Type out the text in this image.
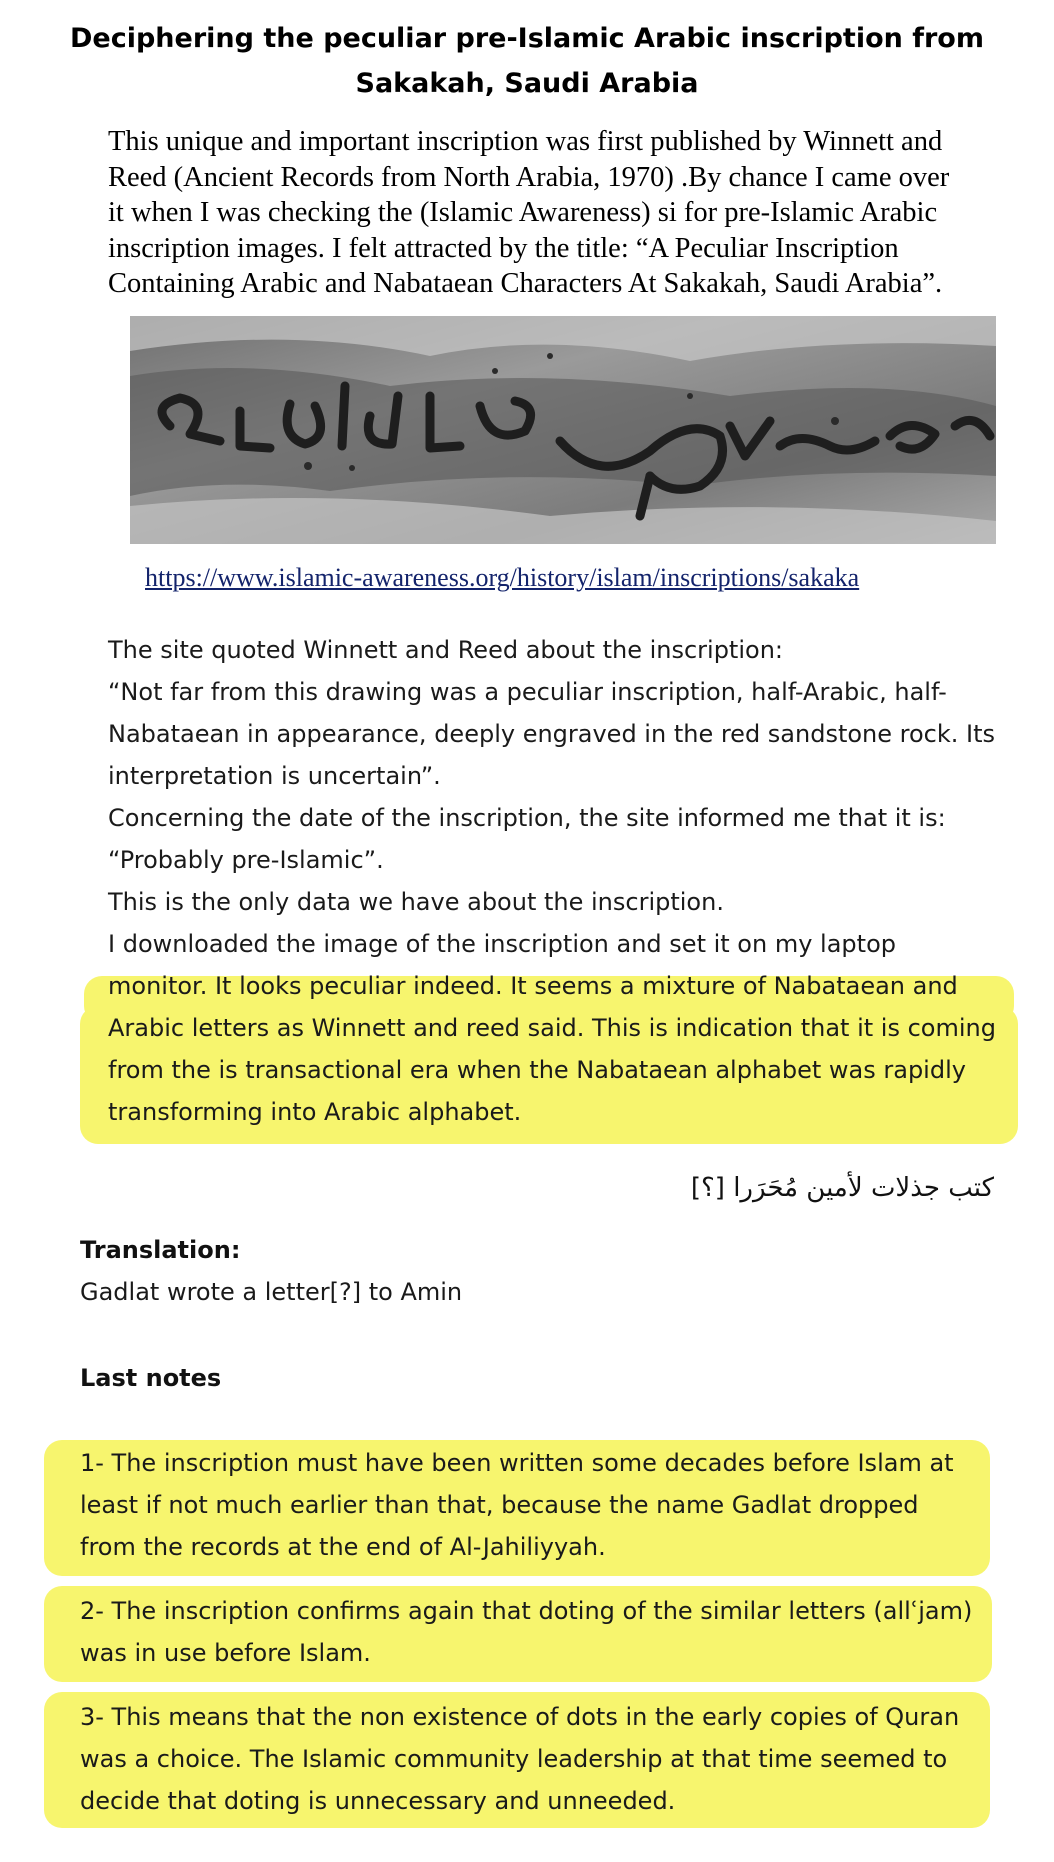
Deciphering the peculiar pre-Islamic Arabic inscription from
Sakakah, Saudi Arabia
This unique and important inscription was first published by Winnett and
Reed (Ancient Records from North Arabia, 1970) .By chance I came over
it when I was checking the (Islamic Awareness) si for pre-Islamic Arabic
inscription images. I felt attracted by the title: “A Peculiar Inscription
Containing Arabic and Nabataean Characters At Sakakah, Saudi Arabia”.
https://www.islamic-awareness.org/history/islam/inscriptions/sakaka
The site quoted Winnett and Reed about the inscription:
“Not far from this drawing was a peculiar inscription, half-Arabic, half-
Nabataean in appearance, deeply engraved in the red sandstone rock. Its
interpretation is uncertain”.
Concerning the date of the inscription, the site informed me that it is:
“Probably pre-Islamic”.
This is the only data we have about the inscription.
I downloaded the image of the inscription and set it on my laptop
monitor. It looks peculiar indeed. It seems a mixture of Nabataean and
Arabic letters as Winnett and reed said. This is indication that it is coming
from the is transactional era when the Nabataean alphabet was rapidly
transforming into Arabic alphabet.
كتب جذلات لأمين مُحَرَرا [؟]
Translation:
Gadlat wrote a letter[?] to Amin
Last notes
1- The inscription must have been written some decades before Islam at
least if not much earlier than that, because the name Gadlat dropped
from the records at the end of Al-Jahiliyyah.
2- The inscription confirms again that doting of the similar letters (allʿjam)
was in use before Islam.
3- This means that the non existence of dots in the early copies of Quran
was a choice. The Islamic community leadership at that time seemed to
decide that doting is unnecessary and unneeded.
